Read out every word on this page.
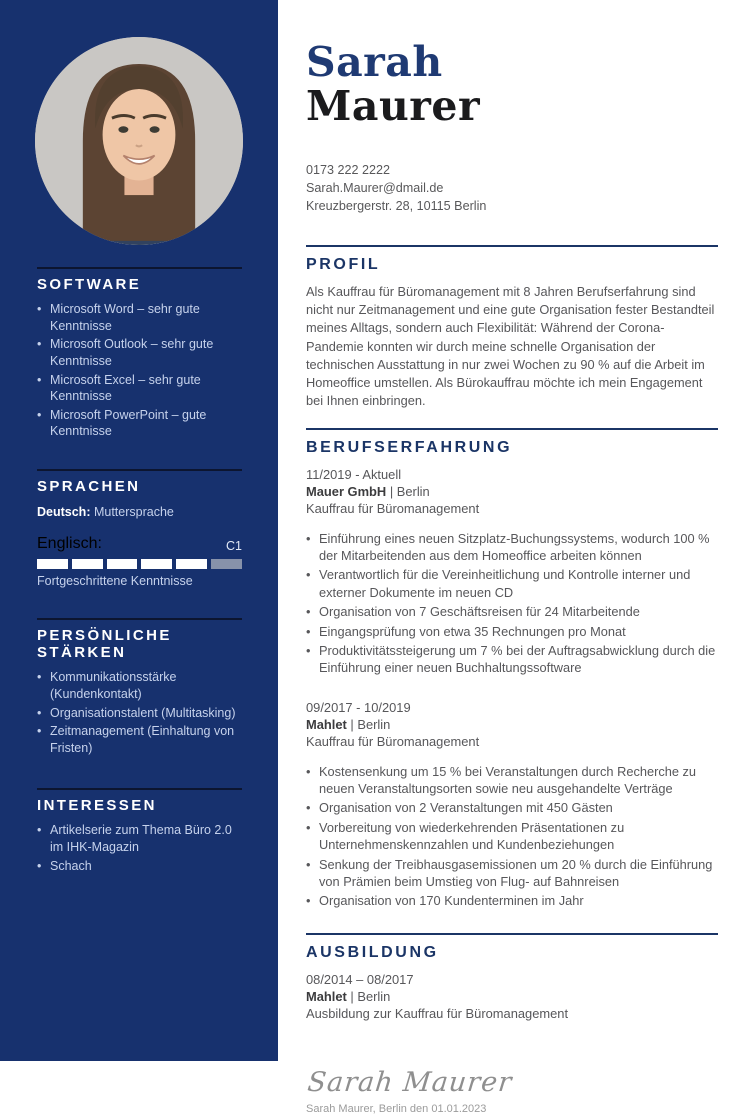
SOFTWARE
• Microsoft Word – sehr gute Kenntnisse
• Microsoft Outlook – sehr gute Kenntnisse
• Microsoft Excel – sehr gute Kenntnisse
• Microsoft PowerPoint – gute Kenntnisse
SPRACHEN
Deutsch: Muttersprache
Englisch:	C1
Fortgeschrittene Kenntnisse
PERSÖNLICHE STÄRKEN
• Kommunikationsstärke (Kundenkontakt)
• Organisationstalent (Multitasking)
• Zeitmanagement (Einhaltung von Fristen)
INTERESSEN
• Artikelserie zum Thema Büro 2.0 im IHK-Magazin
• Schach
Sarah
Maurer
0173 222 2222
Sarah.Maurer@dmail.de
Kreuzbergerstr. 28, 10115 Berlin
PROFIL

Als Kauffrau für Büromanagement mit 8 Jahren Berufserfahrung sind nicht nur Zeitmanagement und eine gute Organisation fester Bestandteil meines Alltags, sondern auch Flexibilität: Während der Corona-Pandemie konnten wir durch meine schnelle Organisation der technischen Ausstattung in nur zwei Wochen zu 90 % auf die Arbeit im Homeoffice umstellen. Als Bürokauffrau möchte ich mein Engagement bei Ihnen einbringen.

BERUFSERFAHRUNG
11/2019 - Aktuell
Mauer GmbH | Berlin
Kauffrau für Büromanagement
• Einführung eines neuen Sitzplatz-Buchungssystems, wodurch 100 % der Mitarbeitenden aus dem Homeoffice arbeiten können
• Verantwortlich für die Vereinheitlichung und Kontrolle interner und externer Dokumente im neuen CD
• Organisation von 7 Geschäftsreisen für 24 Mitarbeitende
• Eingangsprüfung von etwa 35 Rechnungen pro Monat
• Produktivitätssteigerung um 7 % bei der Auftragsabwicklung durch die Einführung einer neuen Buchhaltungssoftware
09/2017 - 10/2019
Mahlet | Berlin
Kauffrau für Büromanagement
• Kostensenkung um 15 % bei Veranstaltungen durch Recherche zu neuen Veranstaltungsorten sowie neu ausgehandelte Verträge
• Organisation von 2 Veranstaltungen mit 450 Gästen
• Vorbereitung von wiederkehrenden Präsentationen zu Unternehmenskennzahlen und Kundenbeziehungen
• Senkung der Treibhausgasemissionen um 20 % durch die Einführung von Prämien beim Umstieg von Flug- auf Bahnreisen
• Organisation von 170 Kundenterminen im Jahr
AUSBILDUNG
08/2014 – 08/2017
Mahlet | Berlin
Ausbildung zur Kauffrau für Büromanagement
Sarah Maurer
Sarah Maurer, Berlin den 01.01.2023
